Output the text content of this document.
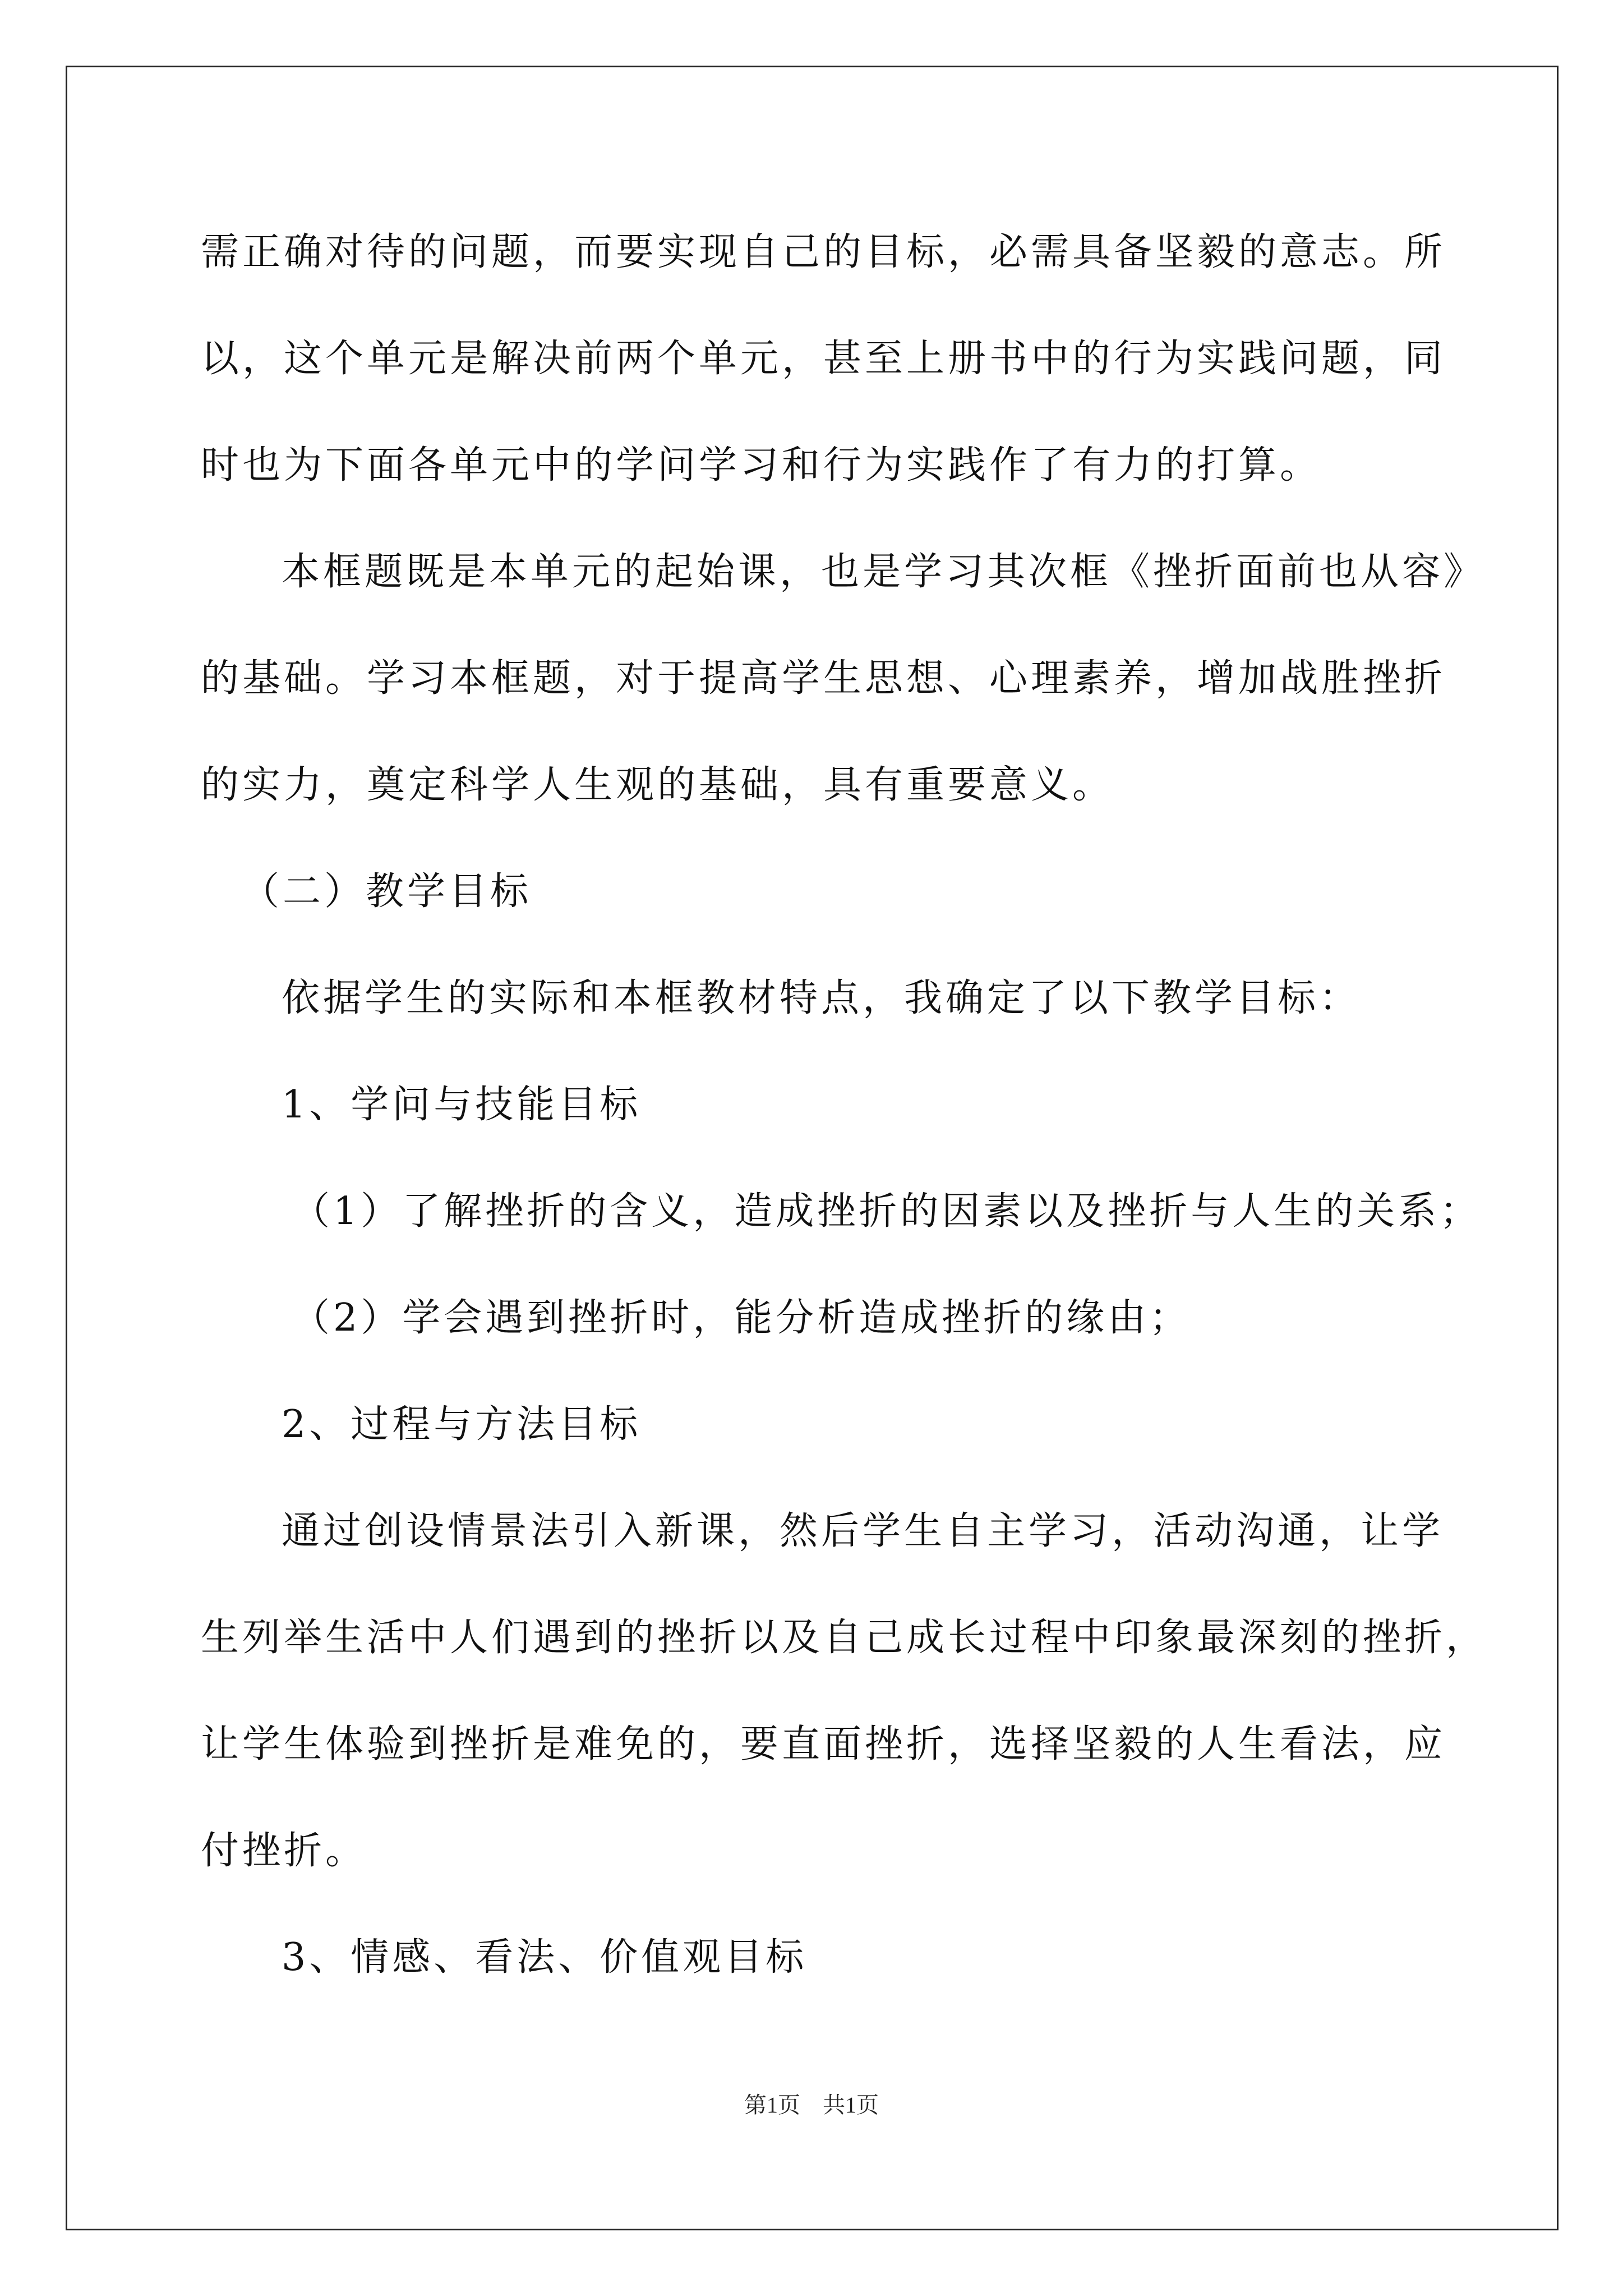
需正确对待的问题，而要实现自己的目标，必需具备坚毅的意志。所
以，这个单元是解决前两个单元，甚至上册书中的行为实践问题，同
时也为下面各单元中的学问学习和行为实践作了有力的打算。
本框题既是本单元的起始课，也是学习其次框《挫折面前也从容》
的基础。学习本框题，对于提高学生思想、心理素养，增加战胜挫折
的实力，奠定科学人生观的基础，具有重要意义。
（二）教学目标
依据学生的实际和本框教材特点，我确定了以下教学目标：
1、学问与技能目标
（1）了解挫折的含义，造成挫折的因素以及挫折与人生的关系；
（2）学会遇到挫折时，能分析造成挫折的缘由；
2、过程与方法目标
通过创设情景法引入新课，然后学生自主学习，活动沟通，让学
生列举生活中人们遇到的挫折以及自己成长过程中印象最深刻的挫折，
让学生体验到挫折是难免的，要直面挫折，选择坚毅的人生看法，应
付挫折。
3、情感、看法、价值观目标
第1页　共1页
